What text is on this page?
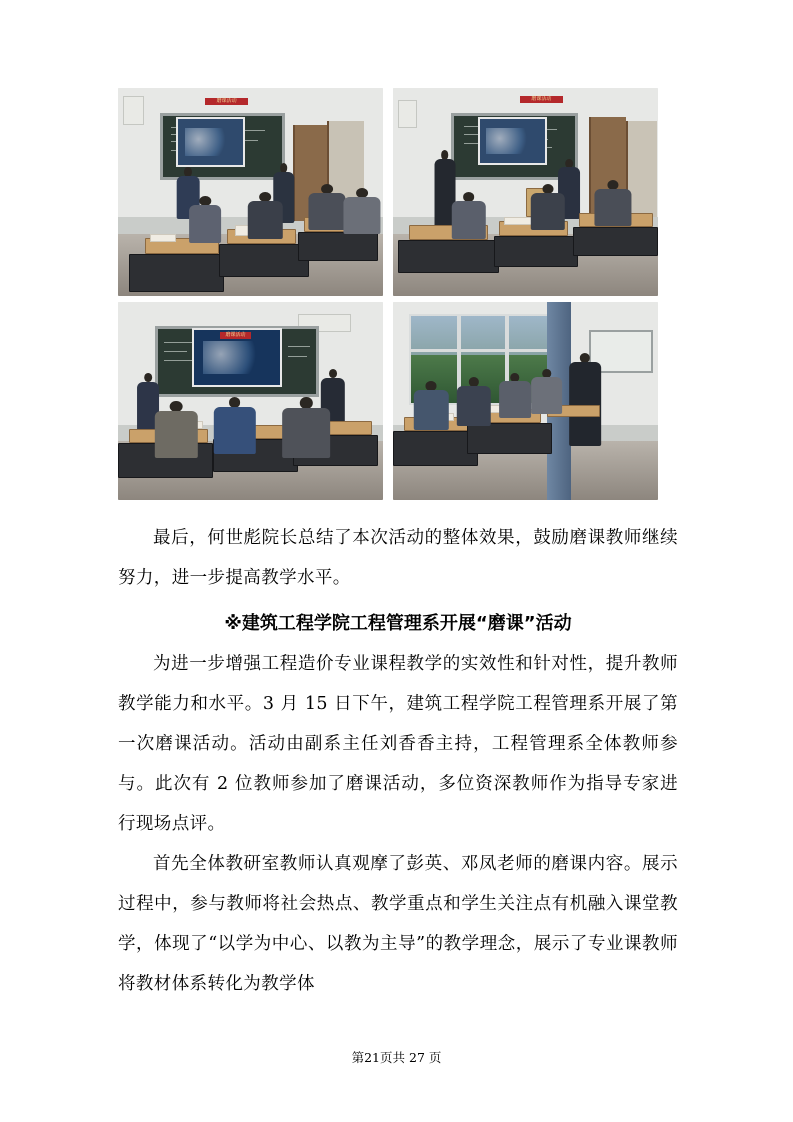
磨课活动	磨课活动
磨课活动

最后，何世彪院长总结了本次活动的整体效果，鼓励磨课教师继续努力，进一步提高教学水平。

※建筑工程学院工程管理系开展“磨课”活动

为进一步增强工程造价专业课程教学的实效性和针对性，提升教师教学能力和水平。3 月 15 日下午，建筑工程学院工程管理系开展了第一次磨课活动。活动由副系主任刘香香主持，工程管理系全体教师参与。此次有 2 位教师参加了磨课活动，多位资深教师作为指导专家进行现场点评。

首先全体教研室教师认真观摩了彭英、邓凤老师的磨课内容。展示过程中，参与教师将社会热点、教学重点和学生关注点有机融入课堂教学，体现了“以学为中心、以教为主导”的教学理念，展示了专业课教师将教材体系转化为教学体

第21页共 27 页
